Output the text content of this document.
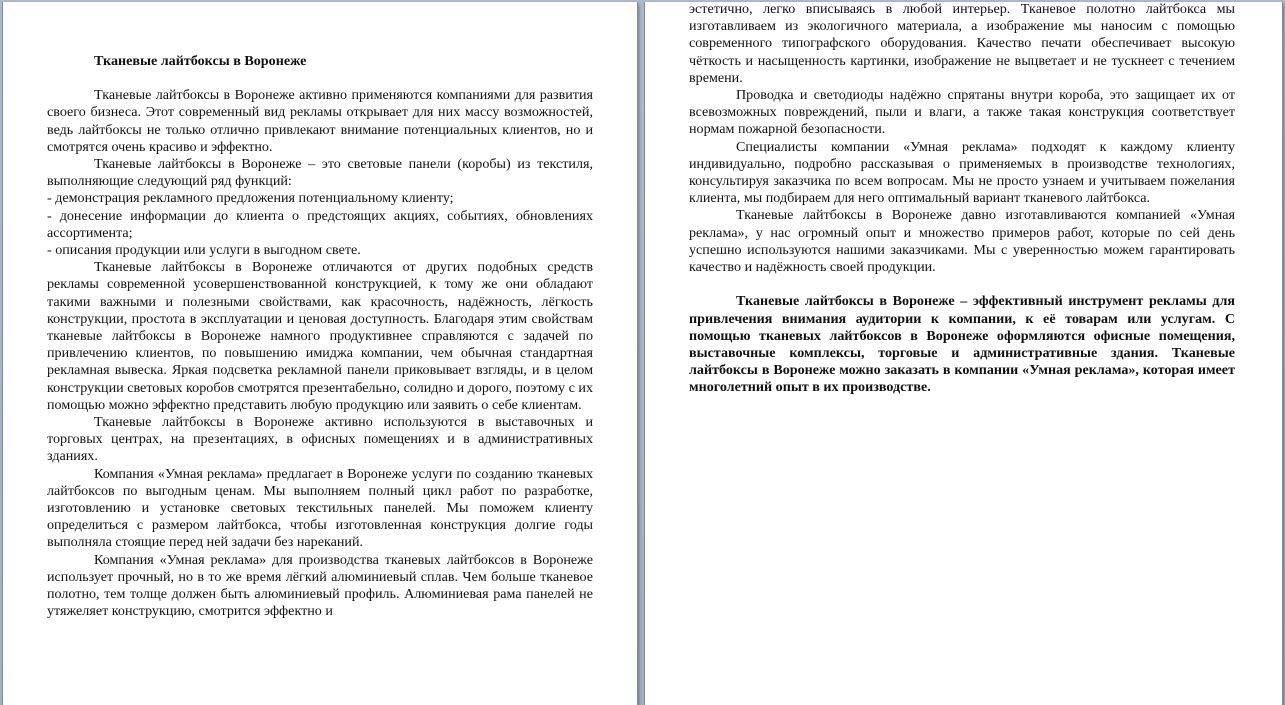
Тканевые лайтбоксы в Воронеже

Тканевые лайтбоксы в Воронеже активно применяются компаниями для развития своего бизнеса. Этот современный вид рекламы открывает для них массу возможностей, ведь лайтбоксы не только отлично привлекают внимание потенциальных клиентов, но и смотрятся очень красиво и эффектно.

Тканевые лайтбоксы в Воронеже – это световые панели (коробы) из текстиля, выполняющие следующий ряд функций:

- демонстрация рекламного предложения потенциальному клиенту;

- донесение информации до клиента о предстоящих акциях, событиях, обновлениях ассортимента;

- описания продукции или услуги в выгодном свете.

Тканевые лайтбоксы в Воронеже отличаются от других подобных средств рекламы современной усовершенствованной конструкцией, к тому же они обладают такими важными и полезными свойствами, как красочность, надёжность, лёгкость конструкции, простота в эксплуатации и ценовая доступность. Благодаря этим свойствам тканевые лайтбоксы в Воронеже намного продуктивнее справляются с задачей по привлечению клиентов, по повышению имиджа компании, чем обычная стандартная рекламная вывеска. Яркая подсветка рекламной панели приковывает взгляды, и в целом конструкции световых коробов смотрятся презентабельно, солидно и дорого, поэтому с их помощью можно эффектно представить любую продукцию или заявить о себе клиентам.

Тканевые лайтбоксы в Воронеже активно используются в выставочных и торговых центрах, на презентациях, в офисных помещениях и в административных зданиях.

Компания «Умная реклама» предлагает в Воронеже услуги по созданию тканевых лайтбоксов по выгодным ценам. Мы выполняем полный цикл работ по разработке, изготовлению и установке световых текстильных панелей. Мы поможем клиенту определиться с размером лайтбокса, чтобы изготовленная конструкция долгие годы выполняла стоящие перед ней задачи без нареканий.

Компания «Умная реклама» для производства тканевых лайтбоксов в Воронеже использует прочный, но в то же время лёгкий алюминиевый сплав. Чем больше тканевое полотно, тем толще должен быть алюминиевый профиль. Алюминиевая рама панелей не утяжеляет конструкцию, смотрится эффектно и

эстетично, легко вписываясь в любой интерьер. Тканевое полотно лайтбокса мы изготавливаем из экологичного материала, а изображение мы наносим с помощью современного типографского оборудования. Качество печати обеспечивает высокую чёткость и насыщенность картинки, изображение не выцветает и не тускнеет с течением времени.

Проводка и светодиоды надёжно спрятаны внутри короба, это защищает их от всевозможных повреждений, пыли и влаги, а также такая конструкция соответствует нормам пожарной безопасности.

Специалисты компании «Умная реклама» подходят к каждому клиенту индивидуально, подробно рассказывая о применяемых в производстве технологиях, консультируя заказчика по всем вопросам. Мы не просто узнаем и учитываем пожелания клиента, мы подбираем для него оптимальный вариант тканевого лайтбокса.

Тканевые лайтбоксы в Воронеже давно изготавливаются компанией «Умная реклама», у нас огромный опыт и множество примеров работ, которые по сей день успешно используются нашими заказчиками. Мы с уверенностью можем гарантировать качество и надёжность своей продукции.

Тканевые лайтбоксы в Воронеже – эффективный инструмент рекламы для привлечения внимания аудитории к компании, к её товарам или услугам. С помощью тканевых лайтбоксов в Воронеже оформляются офисные помещения, выставочные комплексы, торговые и административные здания. Тканевые лайтбоксы в Воронеже можно заказать в компании «Умная реклама», которая имеет многолетний опыт в их производстве.
